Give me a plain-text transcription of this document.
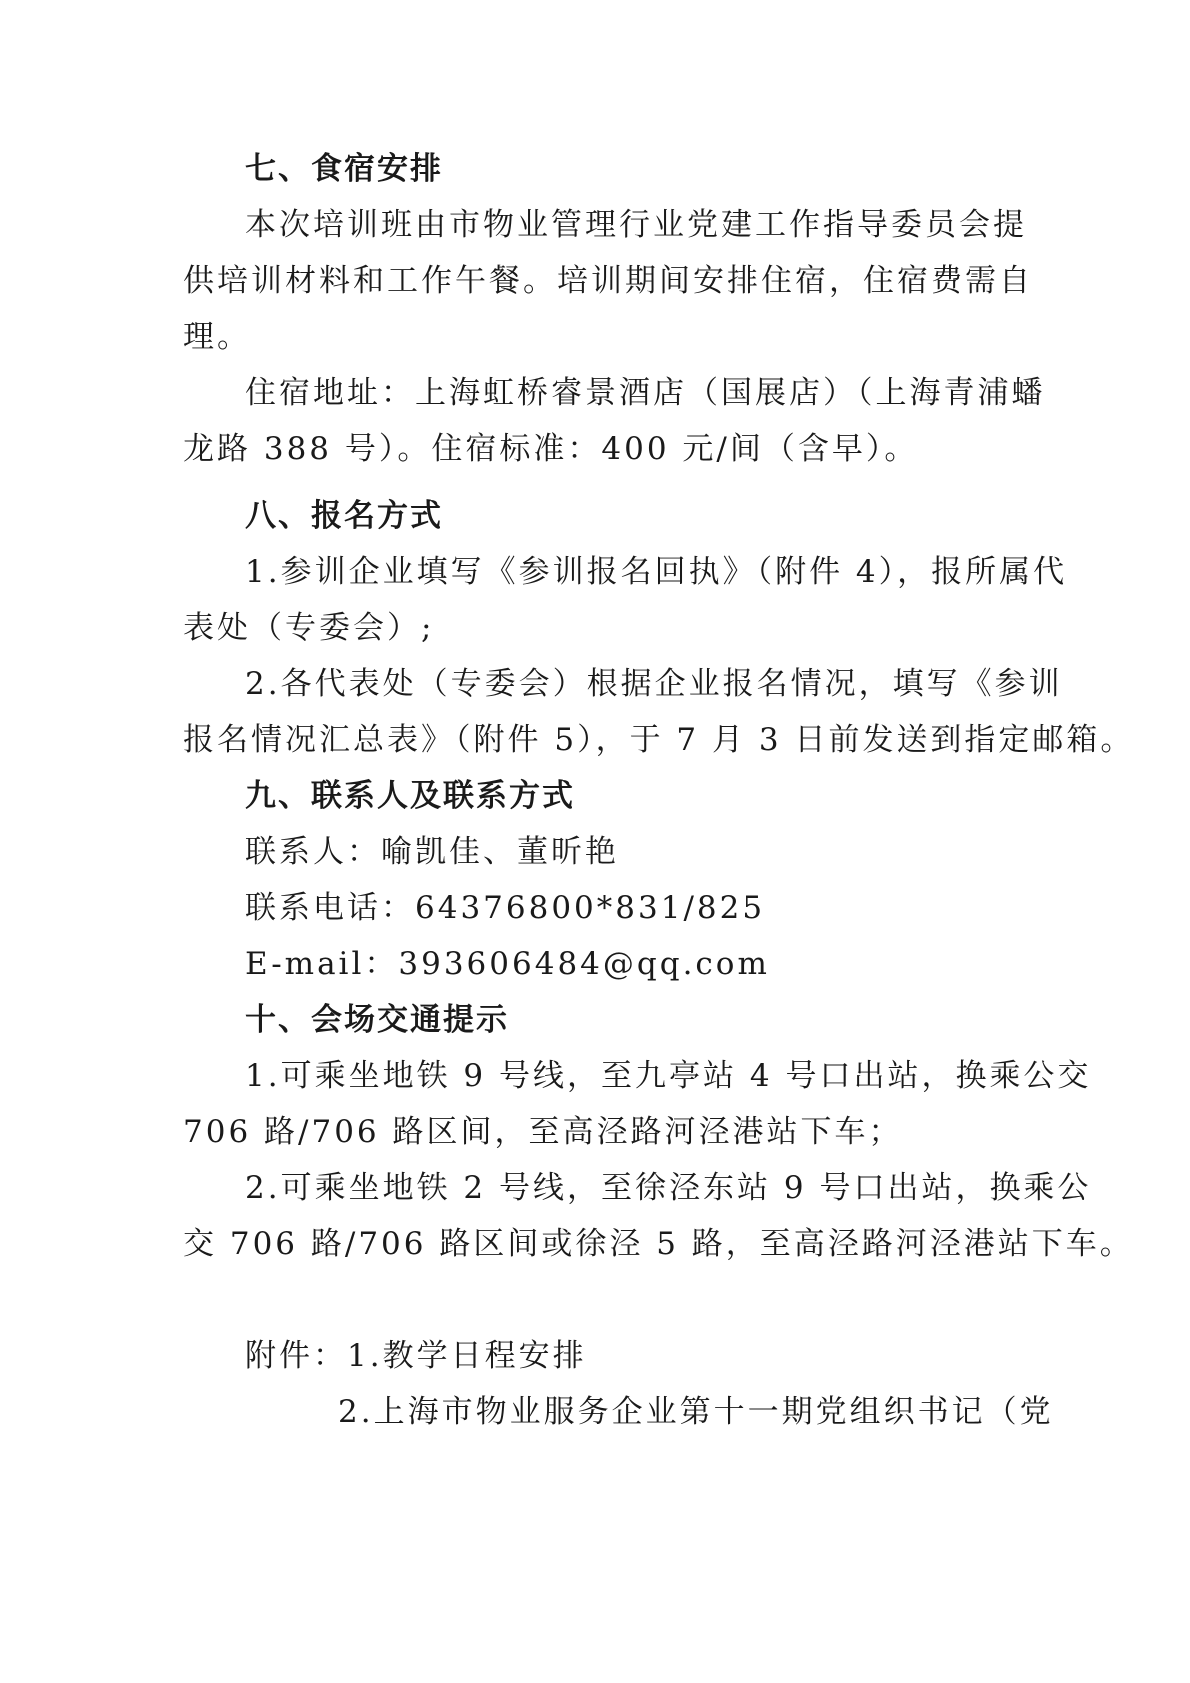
七、食宿安排
本次培训班由市物业管理行业党建工作指导委员会提
供培训材料和工作午餐。培训期间安排住宿，住宿费需自
理。
住宿地址：上海虹桥睿景酒店（国展店）（上海青浦蟠
龙路 388 号）。住宿标准：400 元/间（含早）。
八、报名方式
1.参训企业填写《参训报名回执》（附件 4），报所属代
表处（专委会）;
2.各代表处（专委会）根据企业报名情况，填写《参训
报名情况汇总表》（附件 5），于 7 月 3 日前发送到指定邮箱。
九、联系人及联系方式
联系人：喻凯佳、董昕艳
联系电话：64376800*831/825
E-mail：393606484@qq.com
十、会场交通提示
1.可乘坐地铁 9 号线，至九亭站 4 号口出站，换乘公交
706 路/706 路区间，至高泾路河泾港站下车；
2.可乘坐地铁 2 号线，至徐泾东站 9 号口出站，换乘公
交 706 路/706 路区间或徐泾 5 路，至高泾路河泾港站下车。
附件：1.教学日程安排
2.上海市物业服务企业第十一期党组织书记（党
